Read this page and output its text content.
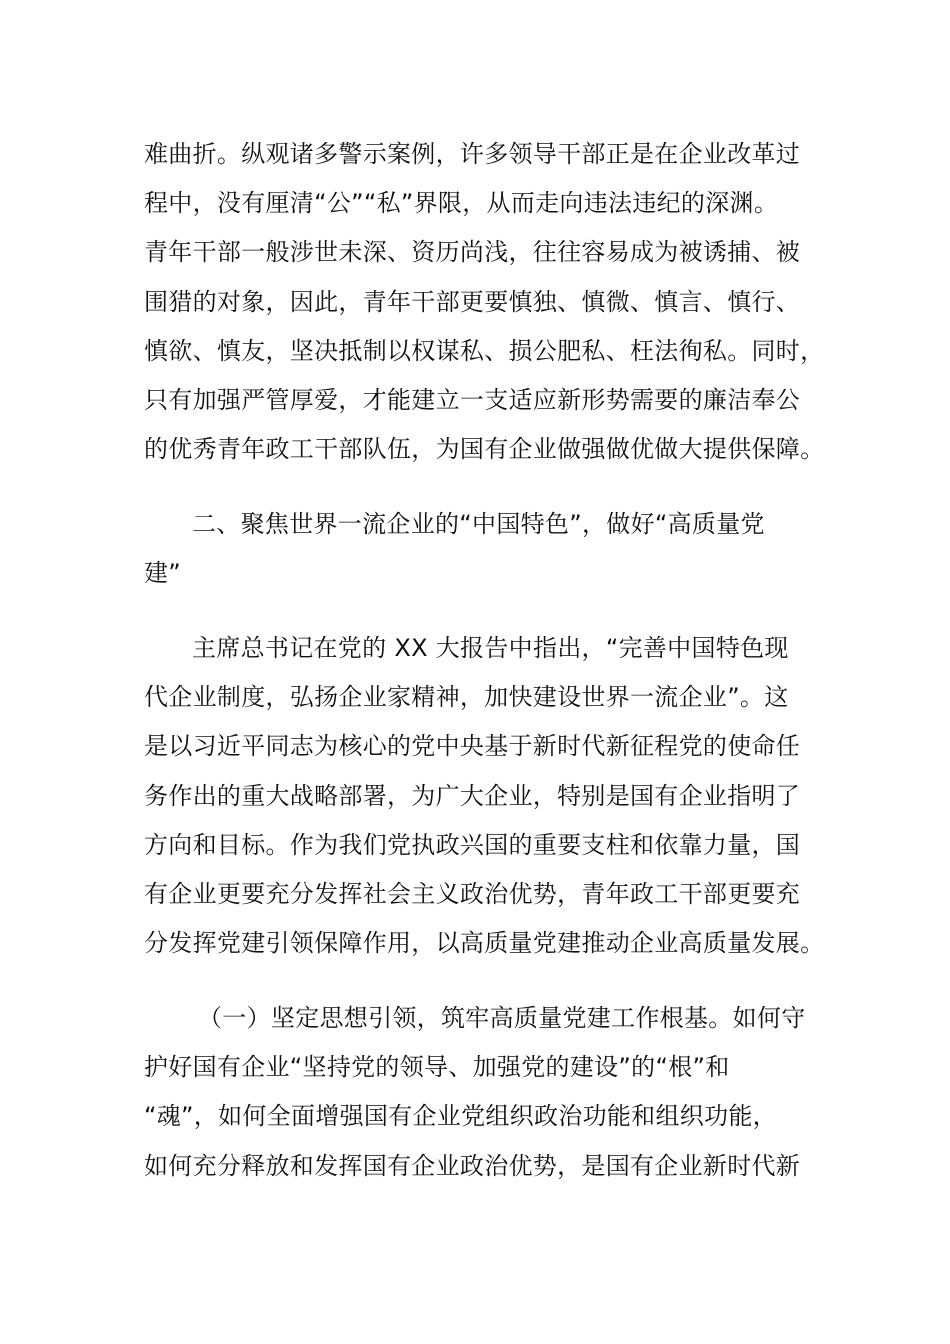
难曲折。纵观诸多警示案例，许多领导干部正是在企业改革过
程中，没有厘清“公”“私”界限，从而走向违法违纪的深渊。
青年干部一般涉世未深、资历尚浅，往往容易成为被诱捕、被
围猎的对象，因此，青年干部更要慎独、慎微、慎言、慎行、
慎欲、慎友，坚决抵制以权谋私、损公肥私、枉法徇私。同时，
只有加强严管厚爱，才能建立一支适应新形势需要的廉洁奉公
的优秀青年政工干部队伍，为国有企业做强做优做大提供保障。
二、聚焦世界一流企业的“中国特色”，做好“高质量党
建”
主席总书记在党的 XX 大报告中指出，“完善中国特色现
代企业制度，弘扬企业家精神，加快建设世界一流企业”。这
是以习近平同志为核心的党中央基于新时代新征程党的使命任
务作出的重大战略部署，为广大企业，特别是国有企业指明了
方向和目标。作为我们党执政兴国的重要支柱和依靠力量，国
有企业更要充分发挥社会主义政治优势，青年政工干部更要充
分发挥党建引领保障作用，以高质量党建推动企业高质量发展。
（一）坚定思想引领，筑牢高质量党建工作根基。如何守
护好国有企业“坚持党的领导、加强党的建设”的“根”和
“魂”，如何全面增强国有企业党组织政治功能和组织功能，
如何充分释放和发挥国有企业政治优势，是国有企业新时代新
